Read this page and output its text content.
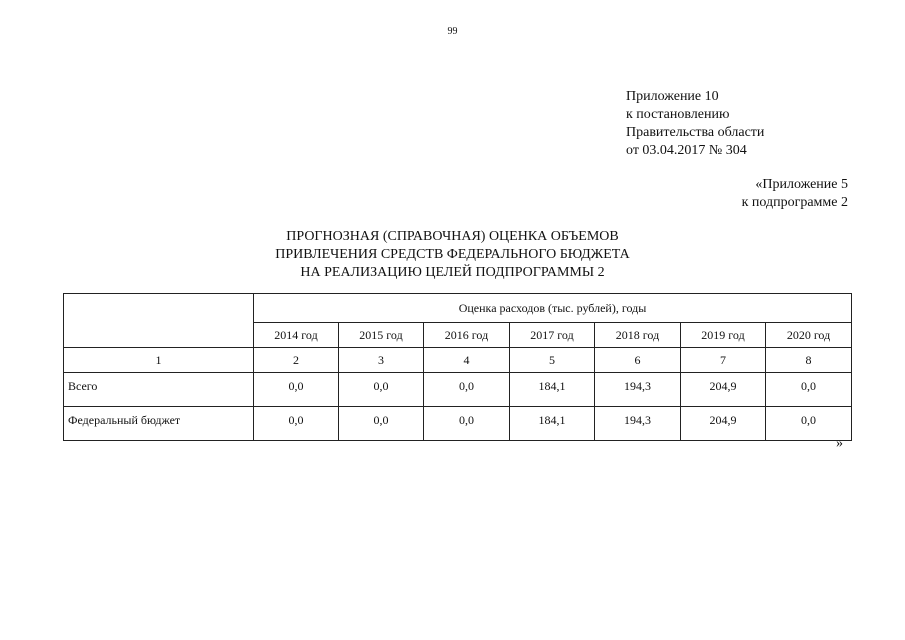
99
Приложение 10
к постановлению
Правительства области
от 03.04.2017 № 304
«Приложение 5
к подпрограмме 2
ПРОГНОЗНАЯ (СПРАВОЧНАЯ) ОЦЕНКА ОБЪЕМОВ
ПРИВЛЕЧЕНИЯ СРЕДСТВ ФЕДЕРАЛЬНОГО БЮДЖЕТА
НА РЕАЛИЗАЦИЮ ЦЕЛЕЙ ПОДПРОГРАММЫ 2
	Оценка расходов (тыс. рублей), годы						
	2014 год	2015 год	2016 год	2017 год	2018 год	2019 год	2020 год
1	2	3	4	5	6	7	8
Всего	0,0	0,0	0,0	184,1	194,3	204,9	0,0
Федеральный бюджет	0,0	0,0	0,0	184,1	194,3	204,9	0,0
»
